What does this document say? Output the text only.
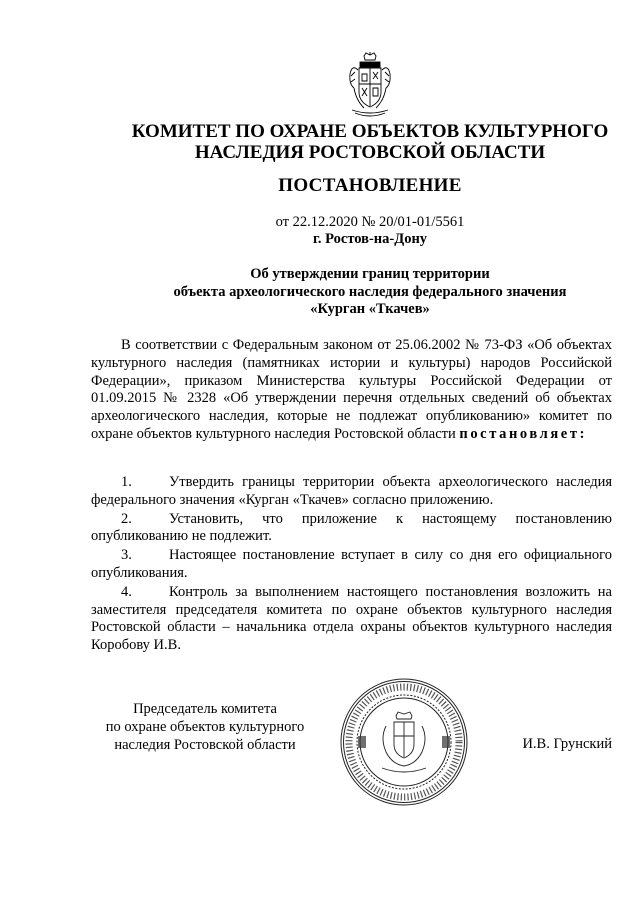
КОМИТЕТ ПО ОХРАНЕ ОБЪЕКТОВ КУЛЬТУРНОГО
НАСЛЕДИЯ РОСТОВСКОЙ ОБЛАСТИ
ПОСТАНОВЛЕНИЕ
от 22.12.2020 № 20/01-01/5561
г. Ростов-на-Дону
Об утверждении границ территории
объекта археологического наследия федерального значения
«Курган «Ткачев»

В соответствии с Федеральным законом от 25.06.2002 № 73-ФЗ «Об объектах культурного наследия (памятниках истории и культуры) народов Российской Федерации», приказом Министерства культуры Российской Федерации от 01.09.2015 № 2328 «Об утверждении перечня отдельных сведений об объектах археологического наследия, которые не подлежат опубликованию» комитет по охране объектов культурного наследия Ростовской области постановляет:

1.	Утвердить границы территории объекта археологического наследия федерального значения «Курган «Ткачев» согласно приложению.

2.	Установить, что приложение к настоящему постановлению опубликованию не подлежит.

3.	Настоящее постановление вступает в силу со дня его официального опубликования.

4.	Контроль за выполнением настоящего постановления возложить на заместителя председателя комитета по охране объектов культурного наследия Ростовской области – начальника отдела охраны объектов культурного наследия Коробову И.В.

Председатель комитета
по охране объектов культурного
наследия Ростовской области	И.В. Грунский
